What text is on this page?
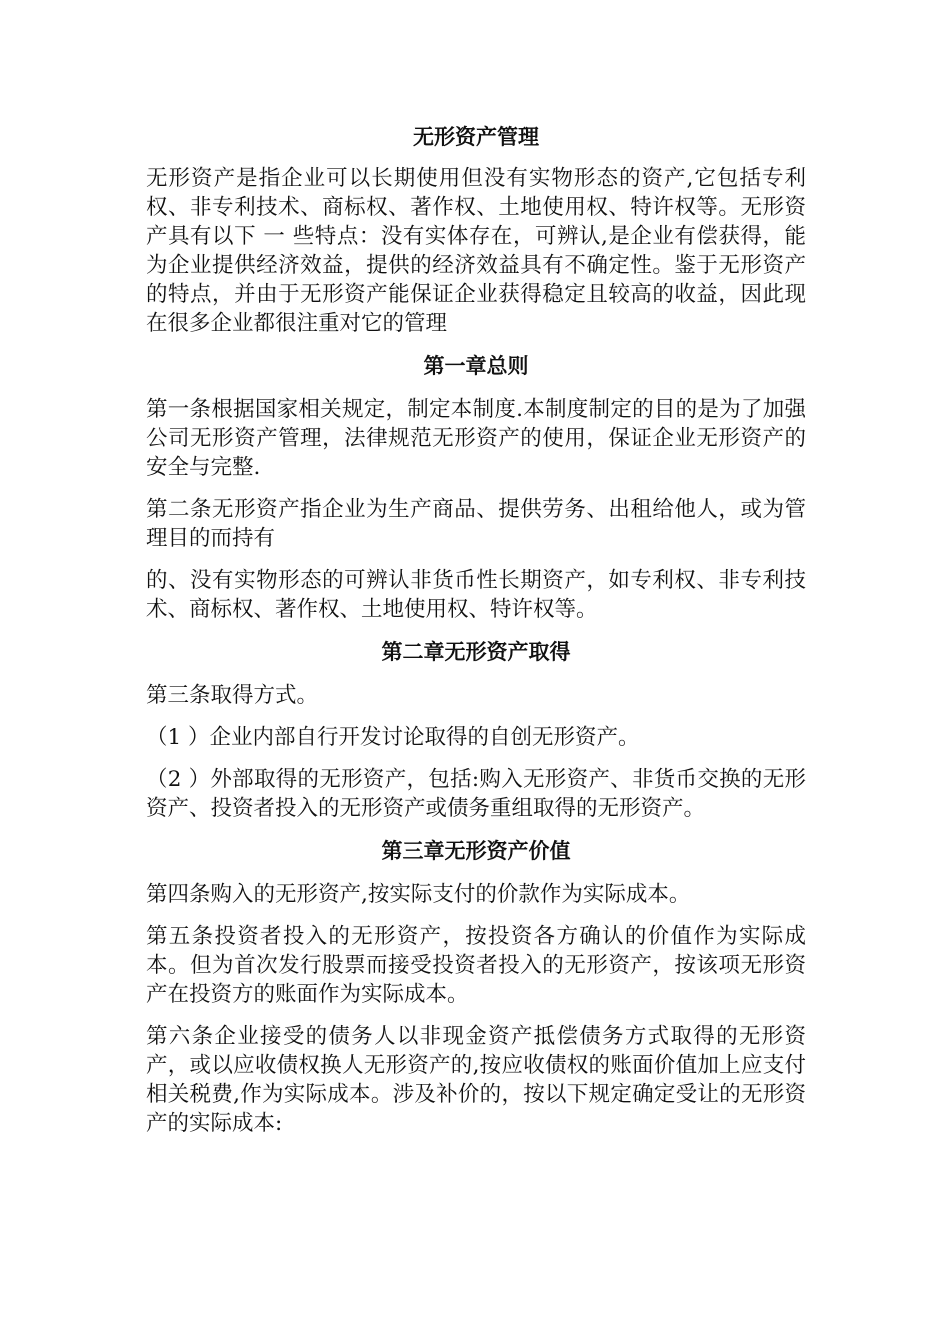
无形资产管理

无形资产是指企业可以长期使用但没有实物形态的资产,它包括专利权、非专利技术、商标权、著作权、土地使用权、特许权等。无形资产具有以下 一 些特点：没有实体存在，可辨认,是企业有偿获得，能为企业提供经济效益，提供的经济效益具有不确定性。鉴于无形资产的特点，并由于无形资产能保证企业获得稳定且较高的收益，因此现在很多企业都很注重对它的管理

第一章总则

第一条根据国家相关规定，制定本制度.本制度制定的目的是为了加强公司无形资产管理，法律规范无形资产的使用，保证企业无形资产的安全与完整.

第二条无形资产指企业为生产商品、提供劳务、出租给他人，或为管理目的而持有

的、没有实物形态的可辨认非货币性长期资产，如专利权、非专利技术、商标权、著作权、土地使用权、特许权等。

第二章无形资产取得

第三条取得方式。

（1 ）企业内部自行开发讨论取得的自创无形资产。

（2 ）外部取得的无形资产，包括:购入无形资产、非货币交换的无形资产、投资者投入的无形资产或债务重组取得的无形资产。

第三章无形资产价值

第四条购入的无形资产,按实际支付的价款作为实际成本。

第五条投资者投入的无形资产，按投资各方确认的价值作为实际成本。但为首次发行股票而接受投资者投入的无形资产，按该项无形资产在投资方的账面作为实际成本。

第六条企业接受的债务人以非现金资产抵偿债务方式取得的无形资产，或以应收债权换人无形资产的,按应收债权的账面价值加上应支付相关税费,作为实际成本。涉及补价的，按以下规定确定受让的无形资产的实际成本:
